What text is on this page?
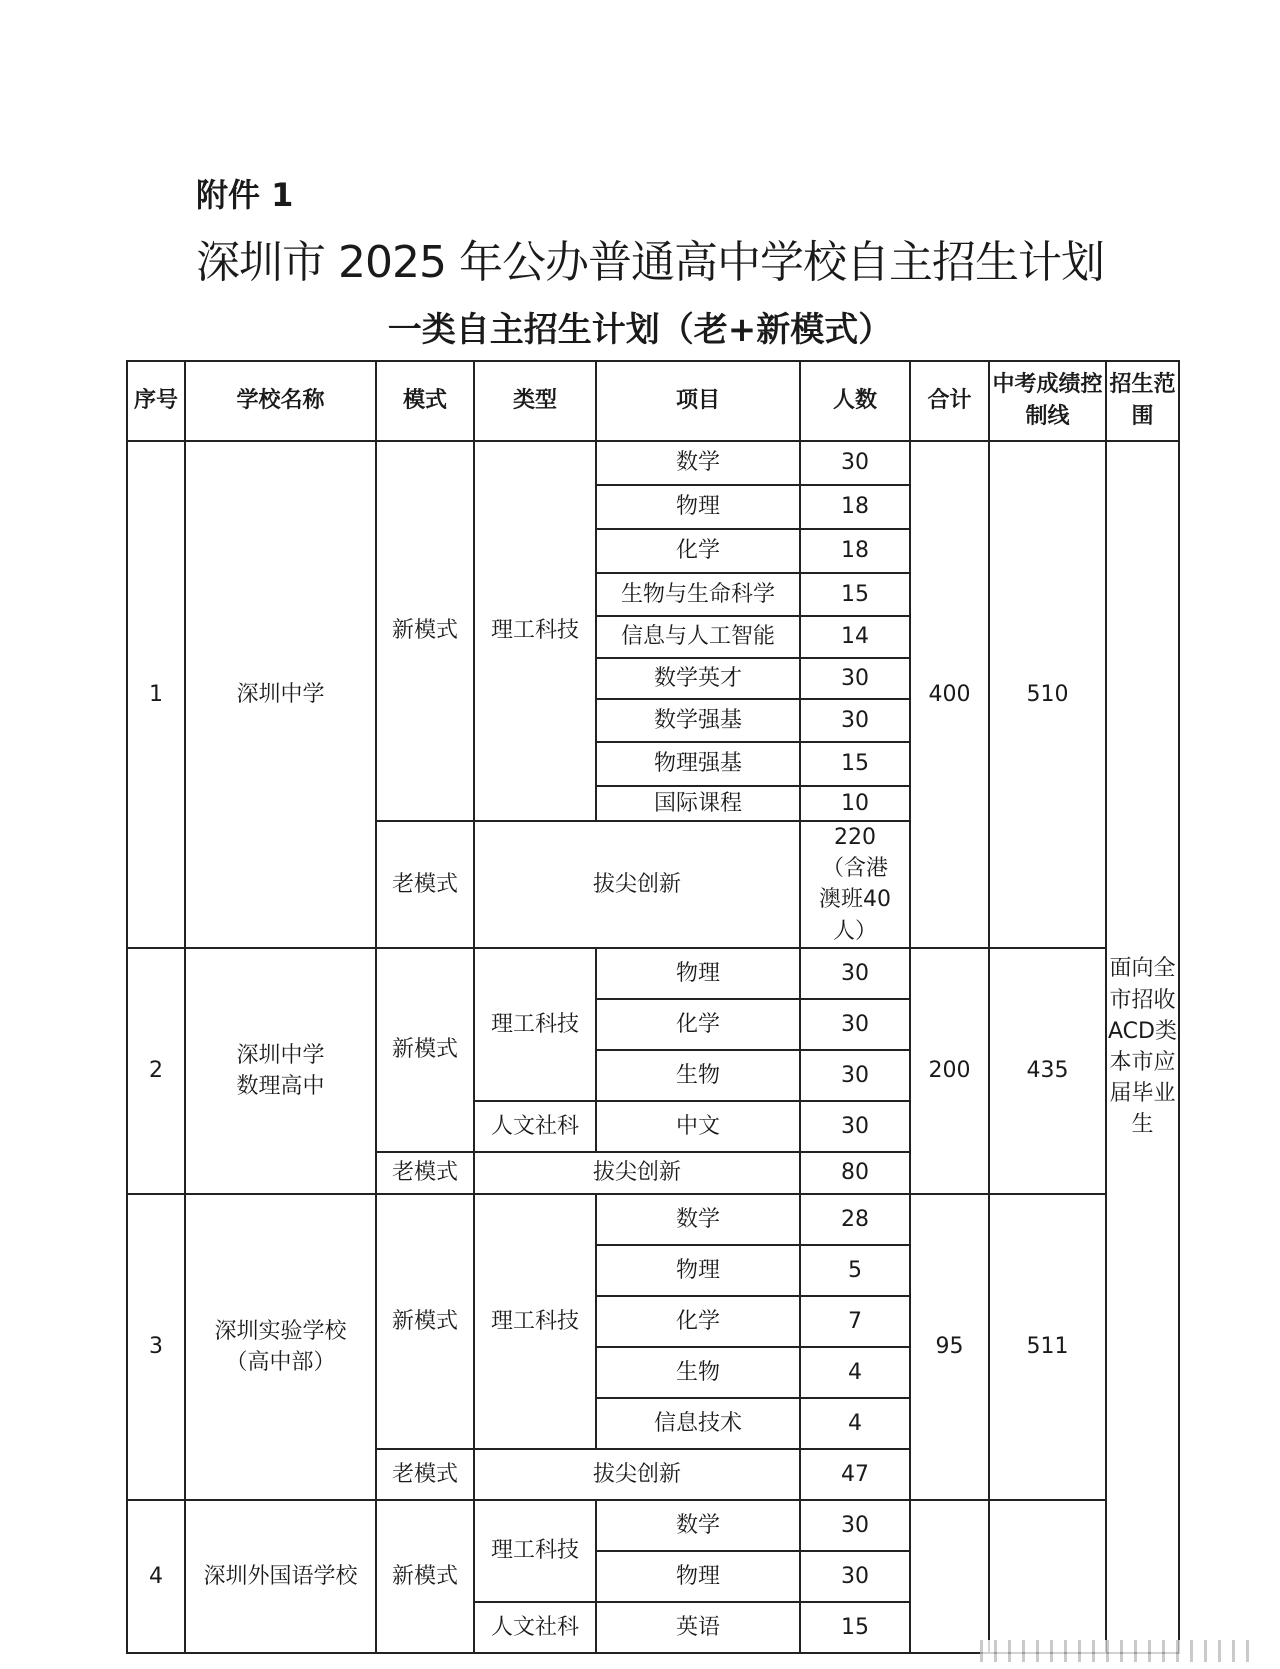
附件 1
深圳市 2025 年公办普通高中学校自主招生计划
一类自主招生计划（老+新模式）
序号	学校名称	模式	类型	项目	人数	合计	中考成绩控制线	招生范围
1	深圳中学	新模式	理工科技	数学	30	400	510	面向全市招收ACD类本市应届毕业生
				物理	18			
				化学	18			
				生物与生命科学	15			
				信息与人工智能	14			
				数学英才	30			
				数学强基	30			
				物理强基	15			
				国际课程	10			
		老模式	拔尖创新		220（含港澳班40人）			
2	深圳中学数理高中	新模式	理工科技	物理	30	200	435	
				化学	30			
				生物	30			
			人文社科	中文	30			
		老模式	拔尖创新		80			
3	深圳实验学校（高中部）	新模式	理工科技	数学	28	95	511	
				物理	5			
				化学	7			
				生物	4			
				信息技术	4			
		老模式	拔尖创新		47			
4	深圳外国语学校	新模式	理工科技	数学	30			
				物理	30			
			人文社科	英语	15			
